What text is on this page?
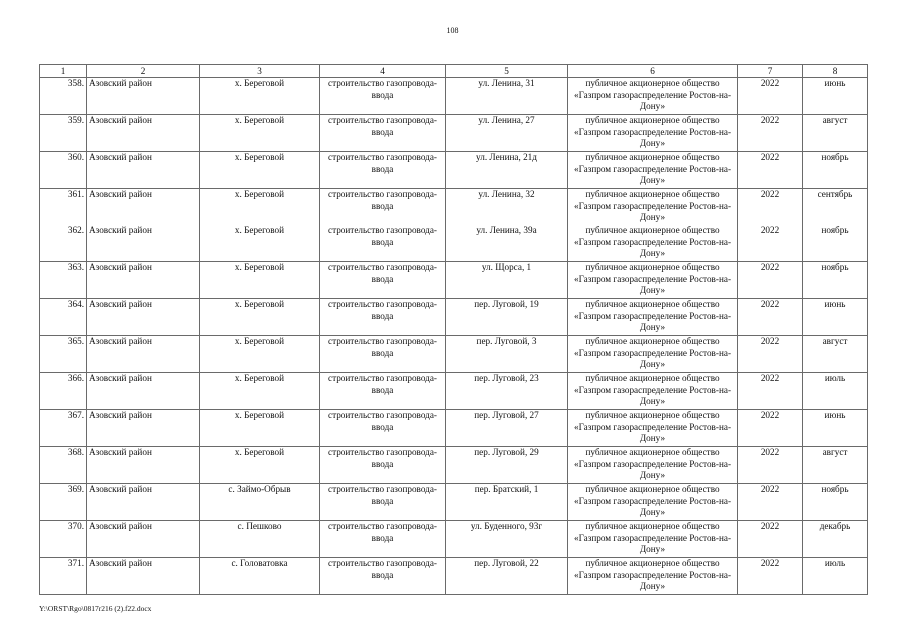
108
1	2	3	4	5	6	7	8
358.	Азовский район	х. Береговой	строительство газопровода-ввода	ул. Ленина, 31	публичное акционерное общество «Газпром газораспределение Ростов-на-Дону»	2022	июнь
359.	Азовский район	х. Береговой	строительство газопровода-ввода	ул. Ленина, 27	публичное акционерное общество «Газпром газораспределение Ростов-на-Дону»	2022	август
360.	Азовский район	х. Береговой	строительство газопровода-ввода	ул. Ленина, 21д	публичное акционерное общество «Газпром газораспределение Ростов-на-Дону»	2022	ноябрь
361.	Азовский район	х. Береговой	строительство газопровода-ввода	ул. Ленина, 32	публичное акционерное общество «Газпром газораспределение Ростов-на-Дону»	2022	сентябрь
362.	Азовский район	х. Береговой	строительство газопровода-ввода	ул. Ленина, 39а	публичное акционерное общество «Газпром газораспределение Ростов-на-Дону»	2022	ноябрь
363.	Азовский район	х. Береговой	строительство газопровода-ввода	ул. Щорса, 1	публичное акционерное общество «Газпром газораспределение Ростов-на-Дону»	2022	ноябрь
364.	Азовский район	х. Береговой	строительство газопровода-ввода	пер. Луговой, 19	публичное акционерное общество «Газпром газораспределение Ростов-на-Дону»	2022	июнь
365.	Азовский район	х. Береговой	строительство газопровода-ввода	пер. Луговой, 3	публичное акционерное общество «Газпром газораспределение Ростов-на-Дону»	2022	август
366.	Азовский район	х. Береговой	строительство газопровода-ввода	пер. Луговой, 23	публичное акционерное общество «Газпром газораспределение Ростов-на-Дону»	2022	июль
367.	Азовский район	х. Береговой	строительство газопровода-ввода	пер. Луговой, 27	публичное акционерное общество «Газпром газораспределение Ростов-на-Дону»	2022	июнь
368.	Азовский район	х. Береговой	строительство газопровода-ввода	пер. Луговой, 29	публичное акционерное общество «Газпром газораспределение Ростов-на-Дону»	2022	август
369.	Азовский район	с. Займо-Обрыв	строительство газопровода-ввода	пер. Братский, 1	публичное акционерное общество «Газпром газораспределение Ростов-на-Дону»	2022	ноябрь
370.	Азовский район	с. Пешково	строительство газопровода-ввода	ул. Буденного, 93г	публичное акционерное общество «Газпром газораспределение Ростов-на-Дону»	2022	декабрь
371.	Азовский район	с. Головатовка	строительство газопровода-ввода	пер. Луговой, 22	публичное акционерное общество «Газпром газораспределение Ростов-на-Дону»	2022	июль
Y:\ORST\Rgo\0817r216 (2).f22.docx
